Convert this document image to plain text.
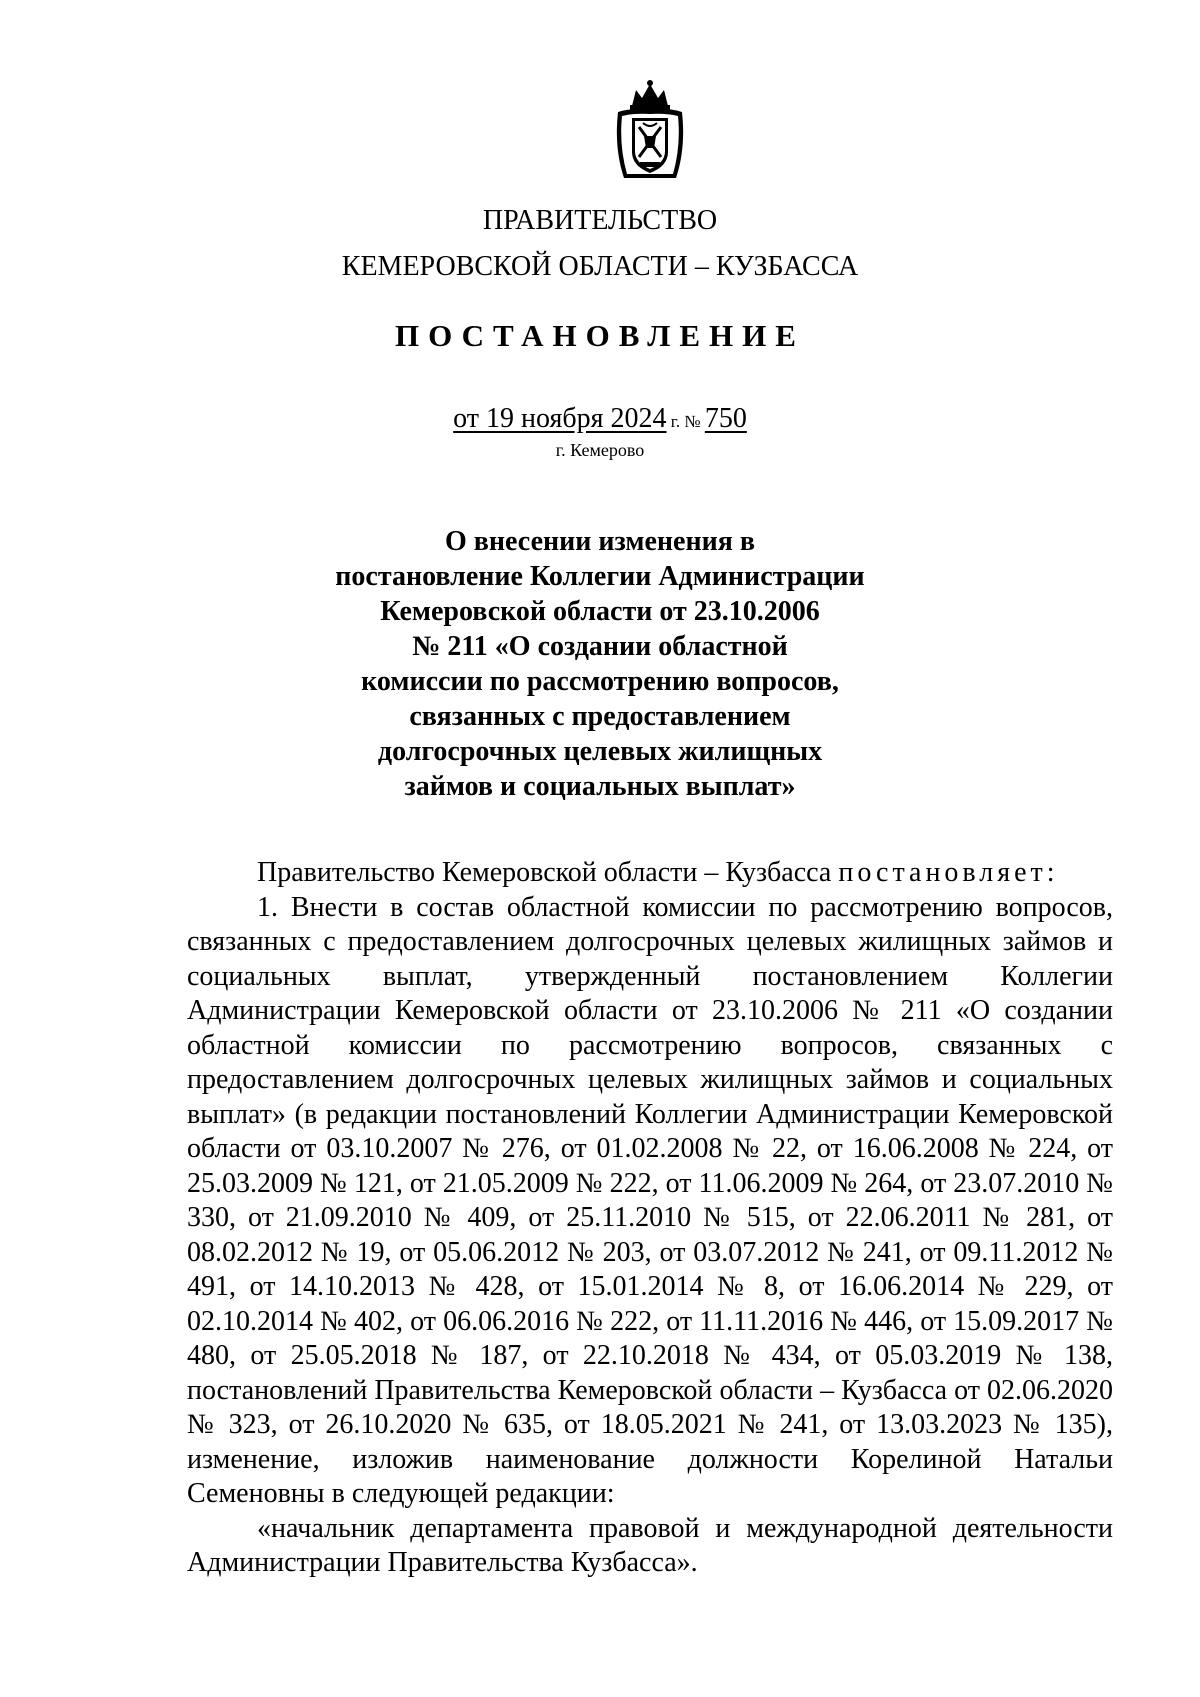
ПРАВИТЕЛЬСТВО
КЕМЕРОВСКОЙ ОБЛАСТИ – КУЗБАССА
ПОСТАНОВЛЕНИЕ
от 19 ноября 2024 г. № 750
г. Кемерово
О внесении изменения в
постановление Коллегии Администрации
Кемеровской области от 23.10.2006
№ 211 «О создании областной
комиссии по рассмотрению вопросов,
связанных с предоставлением
долгосрочных целевых жилищных
займов и социальных выплат»

Правительство Кемеровской области – Кузбасса постановляет:

1. Внести в состав областной комиссии по рассмотрению вопросов, связанных с предоставлением долгосрочных целевых жилищных займов и социальных выплат, утвержденный постановлением Коллегии Администрации Кемеровской области от 23.10.2006 № 211 «О создании областной комиссии по рассмотрению вопросов, связанных с предоставлением долгосрочных целевых жилищных займов и социальных выплат» (в редакции постановлений Коллегии Администрации Кемеровской области от 03.10.2007 № 276, от 01.02.2008 № 22, от 16.06.2008 № 224, от 25.03.2009 № 121, от 21.05.2009 № 222, от 11.06.2009 № 264, от 23.07.2010 № 330, от 21.09.2010 № 409, от 25.11.2010 № 515, от 22.06.2011 № 281, от 08.02.2012 № 19, от 05.06.2012 № 203, от 03.07.2012 № 241, от 09.11.2012 № 491, от 14.10.2013 № 428, от 15.01.2014 № 8, от 16.06.2014 № 229, от 02.10.2014 № 402, от 06.06.2016 № 222, от 11.11.2016 № 446, от 15.09.2017 № 480, от 25.05.2018 № 187, от 22.10.2018 № 434, от 05.03.2019 № 138, постановлений Правительства Кемеровской области – Кузбасса от 02.06.2020 № 323, от 26.10.2020 № 635, от 18.05.2021 № 241, от 13.03.2023 № 135), изменение, изложив наименование должности Корелиной Натальи Семеновны в следующей редакции:

«начальник департамента правовой и международной деятельности Администрации Правительства Кузбасса».
